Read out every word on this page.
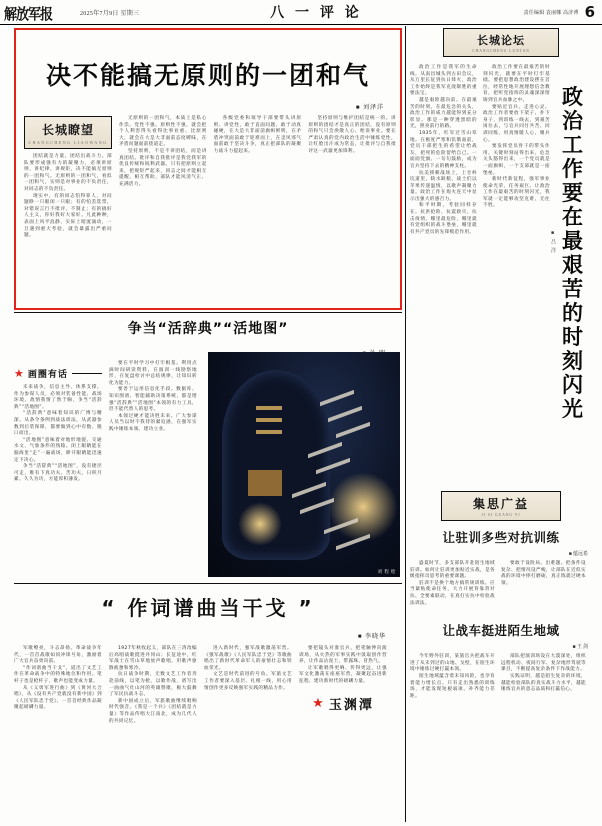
解放军报	2025年7月9日 星期三	八 一 评 论	责任编辑 袁丽娜 高济溥 6
决不能搞无原则的一团和气
■ 刘泽洋
长城瞭望
CHANGCHENG LIAOWANG
团结就是力量，团结出战斗力。部队要形成强有力的凝聚力，必须讲原则、讲纪律、讲规矩，决不能搞无原则的一团和气。无原则的一团和气，看似一团和气，实则是对事业的不负责任，对同志的不负责任。
现实中，有的同志怕得罪人，对问题睁一只眼闭一只眼；有的怕丢选票，对错误言行不批评、不制止；有的搞好人主义，你好我好大家好。凡此种种，表面上风平浪静，实际上暗流涌动，一旦遇到重大考验，就会暴露出严重问题。
无原则的一团和气，本质上是私心作祟。党性不强、原则性不强，就会把个人利害得失看得比事业重、比原则大，就会在大是大非面前态度暧昧，在矛盾问题面前绕道走。
坚持原则，不是不讲团结，而是讲真团结。批评和自我批评是我党我军的优良传统和锐利武器。只有把原则立起来，把规矩严起来，同志之间才能相互提醒、相互帮助，部队才能风清气正、充满活力。
各级党委和领导干部要带头讲原则、讲党性，敢于直面问题、敢于动真碰硬，在大是大非面前旗帜鲜明，在矛盾冲突面前敢于迎难而上，在歪风邪气面前敢于坚决斗争，真正把部队的凝聚力战斗力提起来。
坚持原则与维护团结是统一的。讲原则的团结才是真正的团结，没有原则的和气只会涣散人心、贻误事业。要在严肃认真的党内政治生活中锤炼党性，让红脸出汗成为常态，让批评与自我批评这一武器更加锋利。
争当“活辞典”“活地图”
★ 画圈有话
未来战争，信息主导、体系支撑。作为参谋人员，必须对装备性能、战场环境、敌情我情了然于胸，争当“活辞典”“活地图”。
“活辞典”意味着知识的广博与精深。从条令条例到战法训法，从武器参数到后装保障，都要做到心中有数、脱口而出。
“活地图”意味着对地形地貌、交通水文、气象条件的熟稔。闭上眼睛能在脑海里“走”一遍战场，睁开眼睛能迅速定下决心。
争当“活辞典”“活地图”，没有捷径可走，唯有下真功夫、苦功夫。日积月累、久久为功，方能厚积薄发。
要在平时学习中打牢根基。利用点滴时间研读资料，在演训一线勘察地形，在复盘检讨中总结规律，让知识转化为能力。
要善于运用信息化手段。数据库、知识图谱、智能辅助决策系统，都是增强“活辞典”“活地图”本领的有力工具，但不能代替人的思考。
本领过硬才能决胜未来。广大参谋人员当以时不我待的紧迫感，在强军实践中锤炼本领、建功立业。
刘 程 绘
“ 作词谱曲当干戈 ”
■ 李晓华
军歌嘹亮，斗志昂扬。革命战争年代，一首首战歌如同冲锋号角，激励着广大官兵奋勇向前。
“作词谱曲当干戈”，道出了文艺工作在革命战争中的特殊地位和作用。笔杆子也是枪杆子，歌声也能变成力量。
从《义勇军进行曲》到《黄河大合唱》，从《没有共产党就没有新中国》到《人民军队忠于党》，一首首经典作品凝聚起磅礴力量。
1927年秋收起义，部队在三湾改编后高唱战歌挺进井冈山；长征途中，红军战士在雪山草地放声歌唱，用歌声驱散疲惫和寒冷。
抗日战争时期，无数文艺工作者奔赴前线，以笔为枪、以歌作战，谱写出一曲曲气壮山河的英雄赞歌，极大鼓舞了军民抗战斗志。
新中国成立后，军旅歌曲继续唱响时代强音。《我是一个兵》《团结就是力量》等作品传唱大江南北，成为几代人的共同记忆。
进入新时代，强军战歌激荡军营。《强军战歌》《人民军队忠于党》等歌曲唱出了新时代革命军人的豪情壮志和铁血荣光。
文艺是时代前进的号角。军旅文艺工作者要深入基层、扎根一线，用心用情创作更多反映强军实践的精品力作。
要把镜头对准官兵、把笔触伸向演训场，从火热的军事实践中汲取创作营养，让作品沾泥土、带露珠、冒热气。
让军歌唱得更响、传得更远，让强军文化激荡在座座军营，凝聚起奋进新征程、建功新时代的磅礴力量。
★ 玉渊潭
长城论坛
CHANGCHENG LUNTAN
政治工作要在最艰苦的时刻闪光
■ 吕 洋
政治工作是我军的生命线。从南昌城头到古田会议，从万里长征到抗日烽火，政治工作始终是我军克敌制胜的重要法宝。
越是艰险越向前。在最艰苦的时刻，在最危急的关头，政治工作的威力越能得到充分彰显。那是一种穿透黑暗的光，照亮前行的路。
1935年，红军过雪山草地。在极度严寒和饥饿面前，党员干部把生的希望让给战友，把死的危险留给自己。一面面党旗、一句句鼓励，成为官兵坚持下去的精神支柱。
抗美援朝战场上，上甘岭坑道里，缺水缺粮，战士们以苹果传递温情，以歌声凝聚力量。政治工作在炮火连天中显示出强大的感召力。
和平时期，考验同样存在。抗洪抢险、抗震救灾、抗击疫情，哪里最危险，哪里就有党组织的战斗堡垒，哪里就有共产党员的先锋模范作用。
政治工作要在最艰苦的时刻闪光，就要在平时打牢基础。要把思想政治建设摆在首位，经常性地开展理想信念教育，把听党指挥的灵魂深深熔铸到官兵血脉之中。
要贴近官兵、走进心灵。政治工作者要放下架子、扑下身子，到训练一线去，到艰苦岗位去，与官兵同甘共苦、同训同练，用真情暖人心、聚兵心。
要发挥党员骨干的带头作用。关键时刻站得出来、危急关头豁得出来，一个党员就是一面旗帜，一个支部就是一座堡垒。
新时代新征程，强军事业使命光荣、任务艰巨。让政治工作在最艰苦的时刻闪光，我军就一定能够攻坚克难、无往不胜。
集思广益
JI SI GUANG YI
让驻训多些对抗训练
■ 蕴远希
盛夏时节，多支部队开赴陌生地域驻训。如何让驻训更加贴近实战，是各级指挥员思考的重要课题。
驻训不是换个地方搞常规训练。应当紧贴使命任务，大力开展背靠背对抗、全要素联动，在真打实抗中检验战法训法。
要敢于设险局、出难题。把条件设复杂、把情况设严峻，让部队在近似实战的环境中摔打磨砺，真正练就过硬本领。
让战车挺进陌生地域
■ 王 剑
今年野外驻训，某旅官兵把战车开进了从未到过的山地、戈壁，在陌生环境中锤炼过硬打赢本领。
陌生地域蕴含着未知风险，也孕育着能力增长点。只有走出熟悉的训练场，才能发现短板弱项、补齐能力差距。
部队把演训场设在大漠深处，组织远程机动、夜间行军、复杂地形驾驶等课目，不断提高复杂条件下作战能力。
实践证明，越是陌生复杂的环境，越能检验部队的真实战斗力水平，越能锤炼官兵的意志品质和打赢信心。
